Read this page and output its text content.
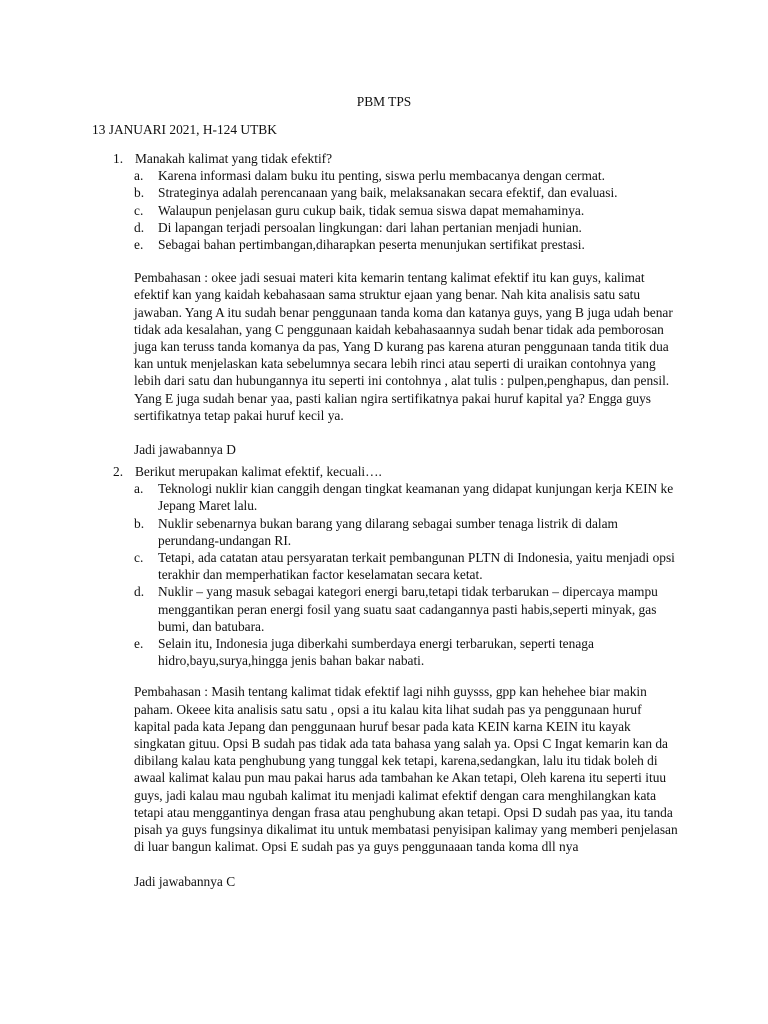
PBM TPS
13 JANUARI 2021, H-124 UTBK
1. Manakah kalimat yang tidak efektif?
a. Karena informasi dalam buku itu penting, siswa perlu membacanya dengan cermat.
b. Strateginya adalah perencanaan yang baik, melaksanakan secara efektif, dan evaluasi.
c. Walaupun penjelasan guru cukup baik, tidak semua siswa dapat memahaminya.
d. Di lapangan terjadi persoalan lingkungan: dari lahan pertanian menjadi hunian.
e. Sebagai bahan pertimbangan,diharapkan peserta menunjukan sertifikat prestasi.

Pembahasan : okee jadi sesuai materi kita kemarin tentang kalimat efektif itu kan guys, kalimat efektif kan yang kaidah kebahasaan sama struktur ejaan yang benar. Nah kita analisis satu satu jawaban. Yang A itu sudah benar penggunaan tanda koma dan katanya guys, yang B juga udah benar tidak ada kesalahan, yang C penggunaan kaidah kebahasaannya sudah benar tidak ada pemborosan juga kan teruss tanda komanya da pas, Yang D kurang pas karena aturan penggunaan tanda titik dua kan untuk menjelaskan kata sebelumnya secara lebih rinci atau seperti di uraikan contohnya yang lebih dari satu dan hubungannya itu seperti ini contohnya , alat tulis : pulpen,penghapus, dan pensil. Yang E juga sudah benar yaa, pasti kalian ngira sertifikatnya pakai huruf kapital ya? Engga guys sertifikatnya tetap pakai huruf kecil ya.

Jadi jawabannya D

2. Berikut merupakan kalimat efektif, kecuali….
a. Teknologi nuklir kian canggih dengan tingkat keamanan yang didapat kunjungan kerja KEIN ke Jepang Maret lalu.
b. Nuklir sebenarnya bukan barang yang dilarang sebagai sumber tenaga listrik di dalam perundang-undangan RI.
c. Tetapi, ada catatan atau persyaratan terkait pembangunan PLTN di Indonesia, yaitu menjadi opsi terakhir dan memperhatikan factor keselamatan secara ketat.
d. Nuklir – yang masuk sebagai kategori energi baru,tetapi tidak terbarukan – dipercaya mampu menggantikan peran energi fosil yang suatu saat cadangannya pasti habis,seperti minyak, gas bumi, dan batubara.
e. Selain itu, Indonesia juga diberkahi sumberdaya energi terbarukan, seperti tenaga hidro,bayu,surya,hingga jenis bahan bakar nabati.

Pembahasan : Masih tentang kalimat tidak efektif lagi nihh guysss, gpp kan hehehee biar makin paham. Okeee kita analisis satu satu , opsi a itu kalau kita lihat sudah pas ya penggunaan huruf kapital pada kata Jepang dan penggunaan huruf besar pada kata KEIN karna KEIN itu kayak singkatan gituu. Opsi B sudah pas tidak ada tata bahasa yang salah ya. Opsi C Ingat kemarin kan da dibilang kalau kata penghubung yang tunggal kek tetapi, karena,sedangkan, lalu itu tidak boleh di awaal kalimat kalau pun mau pakai harus ada tambahan ke Akan tetapi, Oleh karena itu seperti ituu guys, jadi kalau mau ngubah kalimat itu menjadi kalimat efektif dengan cara menghilangkan kata tetapi atau menggantinya dengan frasa atau penghubung akan tetapi. Opsi D sudah pas yaa, itu tanda pisah ya guys fungsinya dikalimat itu untuk membatasi penyisipan kalimay yang memberi penjelasan di luar bangun kalimat. Opsi E sudah pas ya guys penggunaaan tanda koma dll nya

Jadi jawabannya C
